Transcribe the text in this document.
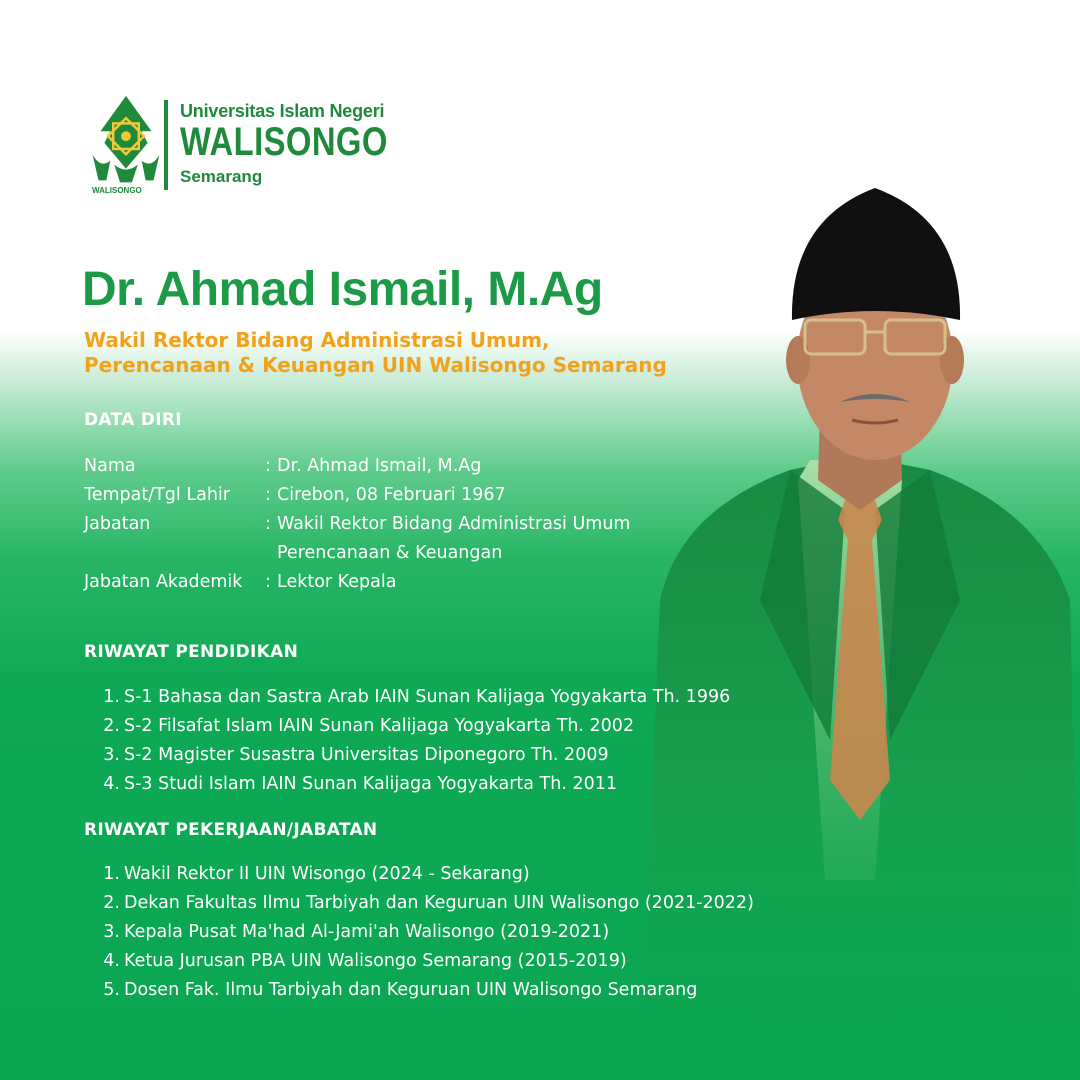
WALISONGO
Universitas Islam Negeri
WALISONGO
Semarang
Dr. Ahmad Ismail, M.Ag

Wakil Rektor Bidang Administrasi Umum,
Perencanaan & Keuangan UIN Walisongo Semarang

DATA DIRI
Nama	: Dr. Ahmad Ismail, M.Ag
Tempat/Tgl Lahir : Cirebon, 08 Februari 1967
Jabatan	: Wakil Rektor Bidang Administrasi Umum
Perencanaan & Keuangan
Jabatan Akademik : Lektor Kepala
RIWAYAT PENDIDIKAN
1. S-1 Bahasa dan Sastra Arab IAIN Sunan Kalijaga Yogyakarta Th. 1996
2. S-2 Filsafat Islam IAIN Sunan Kalijaga Yogyakarta Th. 2002
3. S-2 Magister Susastra Universitas Diponegoro Th. 2009
4. S-3 Studi Islam IAIN Sunan Kalijaga Yogyakarta Th. 2011
RIWAYAT PEKERJAAN/JABATAN
1. Wakil Rektor II UIN Wisongo (2024 - Sekarang)
2. Dekan Fakultas Ilmu Tarbiyah dan Keguruan UIN Walisongo (2021-2022)
3. Kepala Pusat Ma'had Al-Jami'ah Walisongo (2019-2021)
4. Ketua Jurusan PBA UIN Walisongo Semarang (2015-2019)
5. Dosen Fak. Ilmu Tarbiyah dan Keguruan UIN Walisongo Semarang
